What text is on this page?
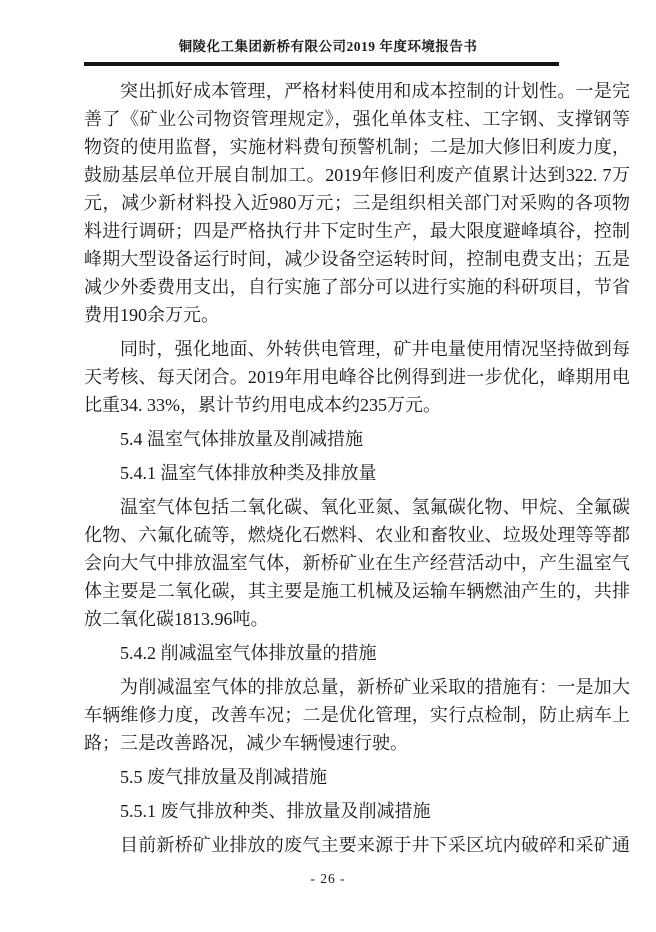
铜陵化工集团新桥有限公司2019 年度环境报告书
突出抓好成本管理，严格材料使用和成本控制的计划性。一是完
善了《矿业公司物资管理规定》，强化单体支柱、工字钢、支撑钢等
物资的使用监督，实施材料费旬预警机制；二是加大修旧利废力度，
鼓励基层单位开展自制加工。2019年修旧利废产值累计达到322. 7万
元，减少新材料投入近980万元；三是组织相关部门对采购的各项物
料进行调研；四是严格执行井下定时生产，最大限度避峰填谷，控制
峰期大型设备运行时间，减少设备空运转时间，控制电费支出；五是
减少外委费用支出，自行实施了部分可以进行实施的科研项目，节省
费用190余万元。
同时，强化地面、外转供电管理，矿井电量使用情况坚持做到每
天考核、每天闭合。2019年用电峰谷比例得到进一步优化，峰期用电
比重34. 33%，累计节约用电成本约235万元。
5.4 温室气体排放量及削减措施
5.4.1 温室气体排放种类及排放量
温室气体包括二氧化碳、氧化亚氮、氢氟碳化物、甲烷、全氟碳
化物、六氟化硫等，燃烧化石燃料、农业和畜牧业、垃圾处理等等都
会向大气中排放温室气体，新桥矿业在生产经营活动中，产生温室气
体主要是二氧化碳，其主要是施工机械及运输车辆燃油产生的，共排
放二氧化碳1813.96吨。
5.4.2 削减温室气体排放量的措施
为削减温室气体的排放总量，新桥矿业采取的措施有：一是加大
车辆维修力度，改善车况；二是优化管理，实行点检制，防止病车上
路；三是改善路况，减少车辆慢速行驶。
5.5 废气排放量及削减措施
5.5.1 废气排放种类、排放量及削减措施
目前新桥矿业排放的废气主要来源于井下采区坑内破碎和采矿通
- 26 -
